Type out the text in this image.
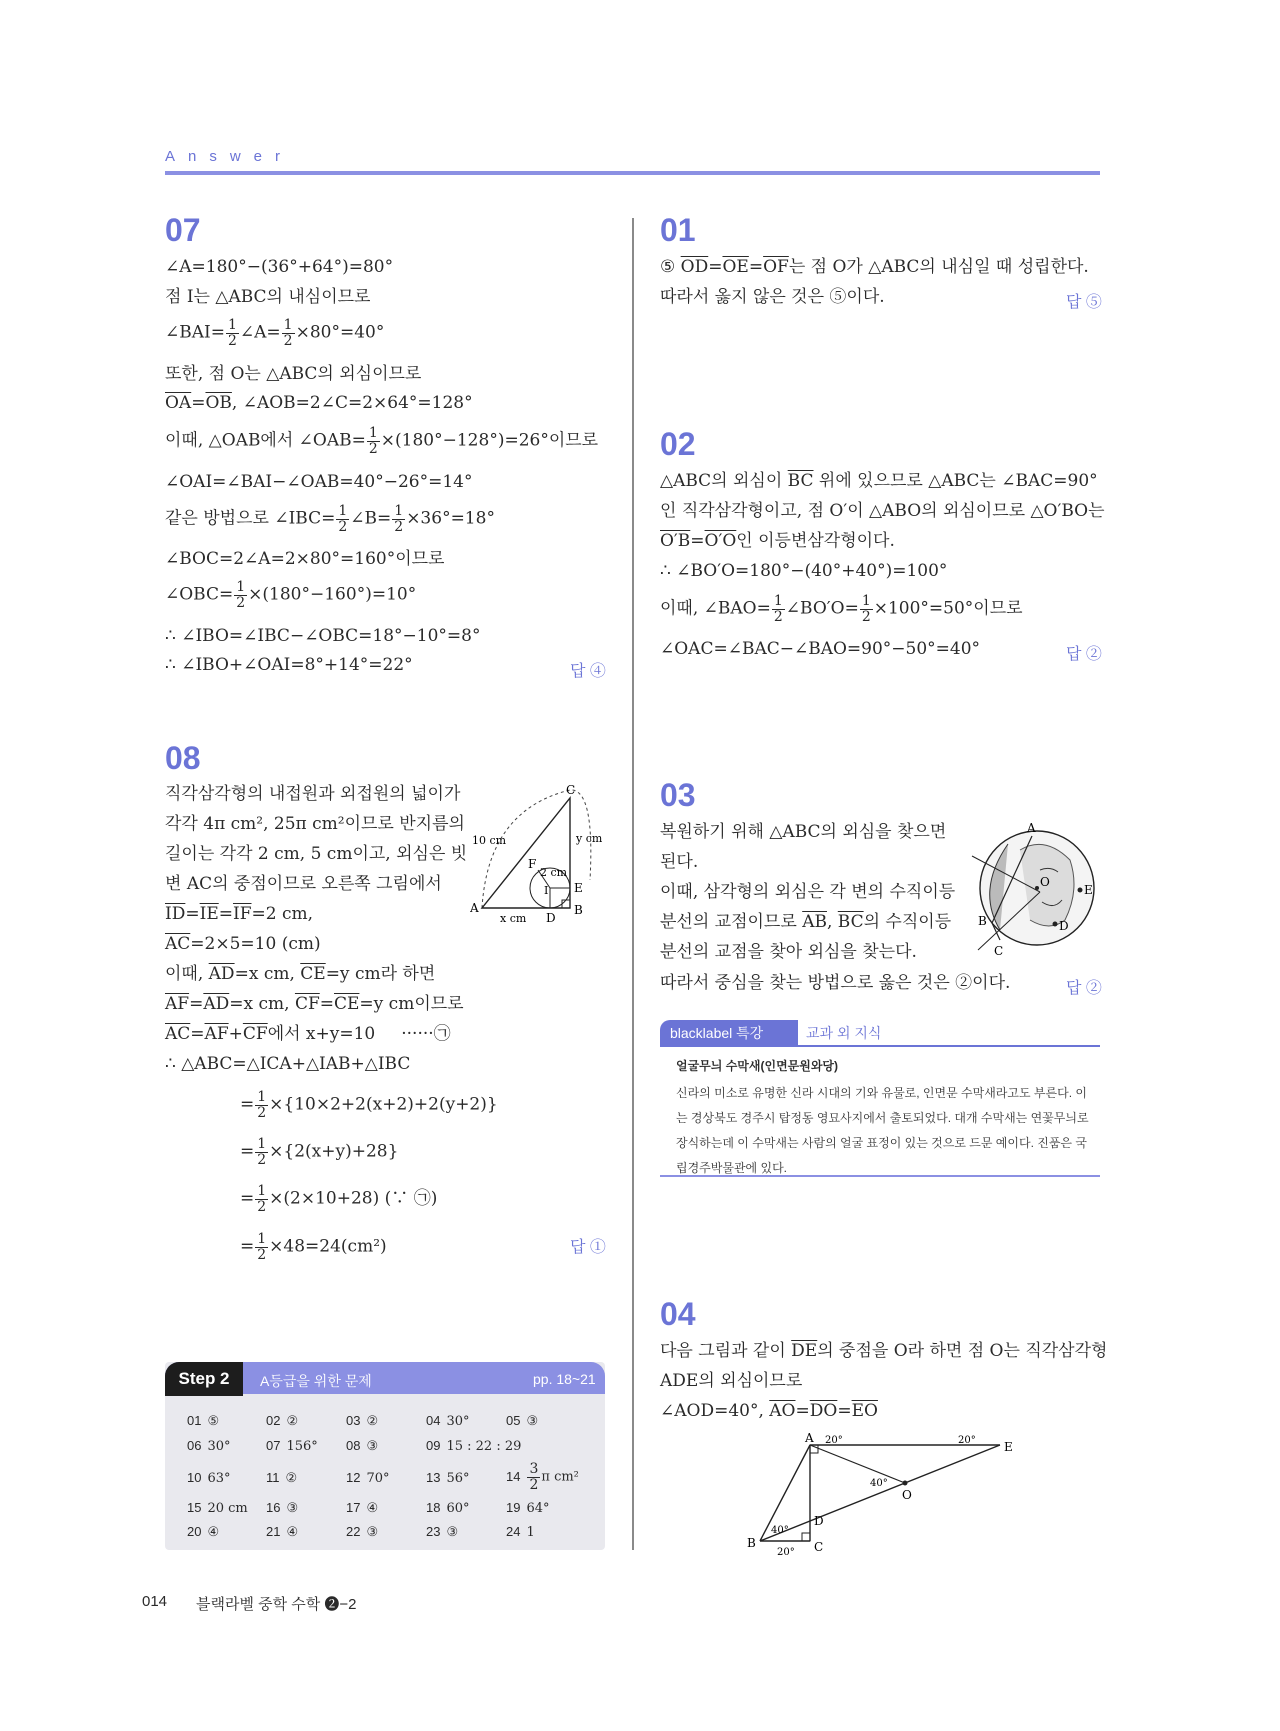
Answer
07
∠A=180°−(36°+64°)=80°
점 I는 △ABC의 내심이므로
∠BAI= $\frac{1}{2}$ ∠A= $\frac{1}{2} \times 80^\circ=40^\circ$
또한, 점 O는 △ABC의 외심이므로
$\overline{OA}=\overline{OB}$, ∠AOB=2∠C=2×64°=128°
이때, △OAB에서 ∠OAB= $\frac{1}{2} \times(180^\circ-128^\circ)=26^\circ$이므로
∠OAI=∠BAI−∠OAB=40°−26°=14°
같은 방법으로 ∠IBC= $\frac{1}{2}$ ∠B= $\frac{1}{2} \times 36^\circ=18^\circ$
∠BOC=2∠A=2×80°=160°이므로
∠OBC= $\frac{1}{2} \times(180^\circ-160^\circ)=10^\circ$
∴ ∠IBO=∠IBC−∠OBC=18°−10°=8°
∴ ∠IBO+∠OAI=8°+14°=22°	답 ④
08
직각삼각형의 내접원과 외접원의 넓이가
각각 4π cm², 25π cm²이므로 반지름의
길이는 각각 2 cm, 5 cm이고, 외심은 빗
변 AC의 중점이므로 오른쪽 그림에서
$\overline{ID}=\overline{IE}=\overline{IF}=2$ cm,
$\overline{AC}=2\times 5=10$ (cm)
이때, $\overline{AD}=x$ cm, $\overline{CE}=y$ cm라 하면
$\overline{AF}=\overline{AD}=x$ cm, $\overline{CF}=\overline{CE}=y$ cm이므로
$\overline{AC}=\overline{AF}+\overline{CF}$에서 x+y=10 ······㉠
∴ △ABC=△ICA+△IAB+△IBC
= $\frac{1}{2} \times\{10\times 2+2(x+2)+2(y+2)\}$
= $\frac{1}{2} \times\{2(x+y)+28\}$
= $\frac{1}{2} \times(2\times 10+28)$ (∵ ㉠)
= $\frac{1}{2} \times 48=24(cm^2)$	답 ①
A	B
C
D
E
F
I
10 cm	y cm
2 cm
x cm
Step 2	A등급을 위한 문제	pp. 18~21
01 ⑤	02 ②	03 ②	04 30°	05 ③
06 30°	07 156° 08 ③	09 15 : 22 : 29
10 63°	11 ②	12 70°	13 56°	$14 \frac{3}{2}$ π cm²
15 20 cm 16 ③	17 ④	18 60°	19 64°
20 ④	21 ④	22 ③	23 ③	24 1
01
⑤ $\overline{OD}=\overline{OE}=\overline{OF}$는 점 O가 △ABC의 내심일 때 성립한다.
따라서 옳지 않은 것은 ⑤이다.	답 ⑤
02
△ABC의 외심이 $\overline{BC}$ 위에 있으므로 △ABC는 ∠BAC=90°
인 직각삼각형이고, 점 O′이 △ABO의 외심이므로 △O′BO는
O′B=O′O인 이등변삼각형이다.
∴ ∠BO′O=180°−(40°+40°)=100°
이때, ∠BAO= $\frac{1}{2}$ ∠BO′O= $\frac{1}{2} \times 100^\circ=50^\circ$이므로
∠OAC=∠BAC−∠BAO=90°−50°=40°	답 ②
03
복원하기 위해 △ABC의 외심을 찾으면
된다.
이때, 삼각형의 외심은 각 변의 수직이등
분선의 교점이므로 $\overline{AB}$, $\overline{BC}$의 수직이등
분선의 교점을 찾아 외심을 찾는다.
따라서 중심을 찾는 방법으로 옳은 것은 ②이다.	답 ②
A
B
C
O
E
D
blacklabel 특강	교과 외 지식
얼굴무늬 수막새(인면문원와당)
신라의 미소로 유명한 신라 시대의 기와 유물로, 인면문 수막새라고도 부른다. 이는 경상북도 경주시 탑정동 영묘사지에서 출토되었다. 대개 수막새는 연꽃무늬로 장식하는데 이 수막새는 사람의 얼굴 표정이 있는 것으로 드문 예이다. 진품은 국립경주박물관에 있다.
04
다음 그림과 같이 $\overline{DE}$의 중점을 O라 하면 점 O는 직각삼각형
ADE의 외심이므로
∠AOD=40°, $\overline{AO}=\overline{DO}=\overline{EO}$
A
B	C
D
E
O
20°	20°
40°
40°
20°
014 블랙라벨 중학 수학 ❷−2
